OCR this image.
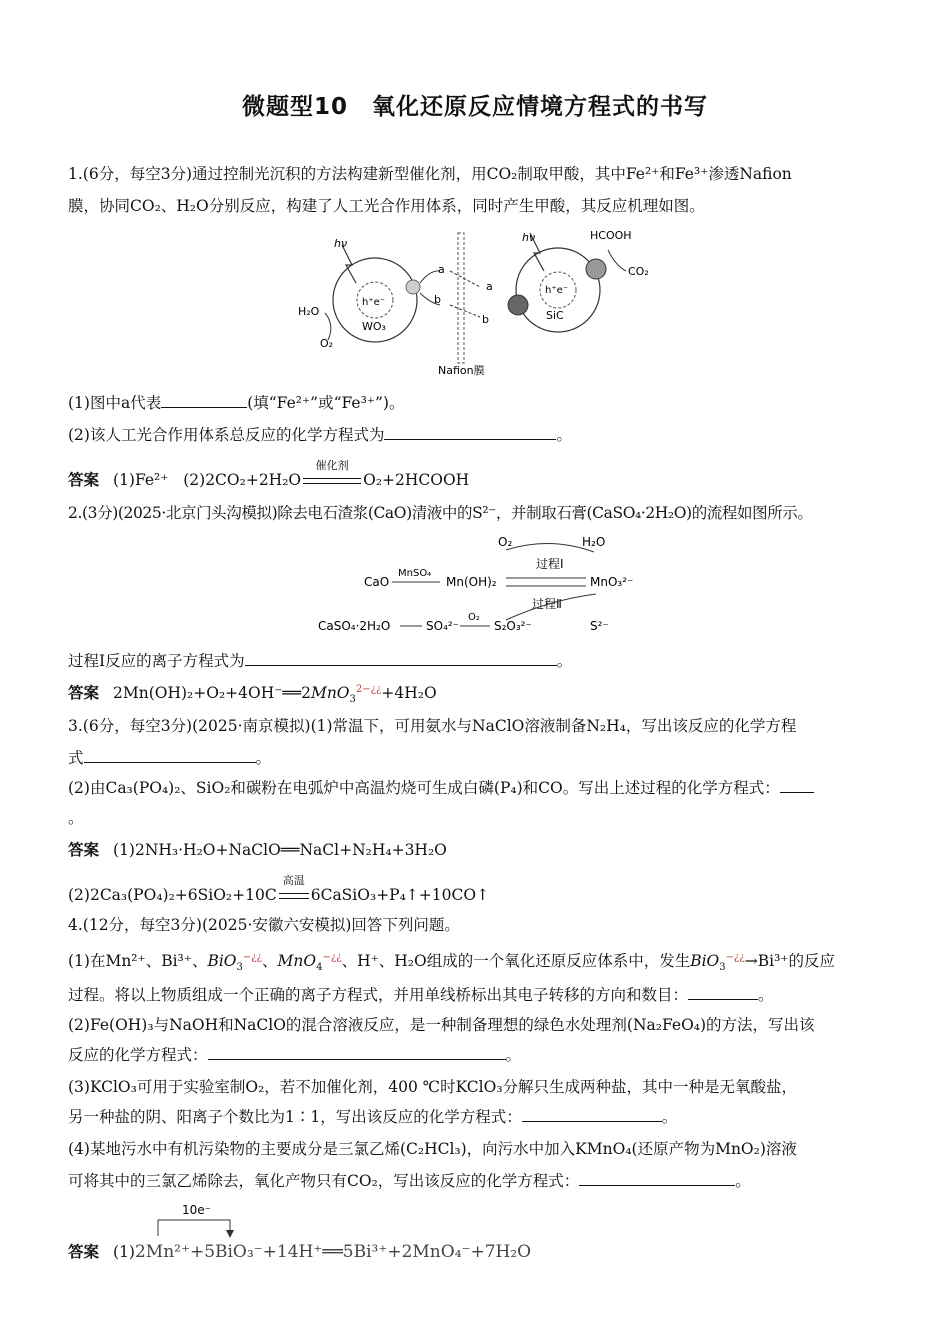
微题型10　氧化还原反应情境方程式的书写
1.(6分，每空3分)通过控制光沉积的方法构建新型催化剂，用CO₂制取甲酸，其中Fe²⁺和Fe³⁺渗透Nafion
膜，协同CO₂、H₂O分别反应，构建了人工光合作用体系，同时产生甲酸，其反应机理如图。
hν
h⁺e⁻
WO₃
H₂O
O₂
a
b
Nafion膜
a
b
hν
h⁺e⁻
SiC
HCOOH
CO₂
(1)图中a代表	(填“Fe²⁺”或“Fe³⁺”)。
(2)该人工光合作用体系总反应的化学方程式为	。
答案 (1)Fe²⁺ (2)2CO₂+2H₂O
催化剂
O₂+2HCOOH
2.(3分)(2025·北京门头沟模拟)除去电石渣浆(CaO)清液中的S²⁻，并制取石膏(CaSO₄·2H₂O)的流程如图所示。
O₂	H₂O
过程Ⅰ
CaO
MnSO₄
Mn(OH)₂	MnO₃²⁻
过程Ⅱ
S²⁻
S₂O₃²⁻
O₂
SO₄²⁻
CaSO₄·2H₂O
过程Ⅰ反应的离子方程式为	。
答案 2Mn(OH)₂+O₂+4OH⁻══2MnO$_3^{2-¿¿}$+4H₂O
3.(6分，每空3分)(2025·南京模拟)(1)常温下，可用氨水与NaClO溶液制备N₂H₄，写出该反应的化学方程
式	。
(2)由Ca₃(PO₄)₂、SiO₂和碳粉在电弧炉中高温灼烧可生成白磷(P₄)和CO。写出上述过程的化学方程式：
。
答案 (1)2NH₃·H₂O+NaClO══NaCl+N₂H₄+3H₂O
(2)2Ca₃(PO₄)₂+6SiO₂+10C
高温
6CaSiO₃+P₄↑+10CO↑
4.(12分，每空3分)(2025·安徽六安模拟)回答下列问题。
(1)在Mn²⁺、Bi³⁺、BiO$_3$−¿¿、MnO$_4$−¿¿、H⁺、H₂O组成的一个氧化还原反应体系中，发生BiO$_3$−¿¿→Bi³⁺的反应
过程。将以上物质组成一个正确的离子方程式，并用单线桥标出其电子转移的方向和数目：	。
(2)Fe(OH)₃与NaOH和NaClO的混合溶液反应，是一种制备理想的绿色水处理剂(Na₂FeO₄)的方法，写出该
反应的化学方程式：	。
(3)KClO₃可用于实验室制O₂，若不加催化剂，400 ℃时KClO₃分解只生成两种盐，其中一种是无氧酸盐，
另一种盐的阴、阳离子个数比为1∶1，写出该反应的化学方程式：	。
(4)某地污水中有机污染物的主要成分是三氯乙烯(C₂HCl₃)，向污水中加入KMnO₄(还原产物为MnO₂)溶液
可将其中的三氯乙烯除去，氧化产物只有CO₂，写出该反应的化学方程式：	。
10e⁻
答案 (1)2Mn²⁺+5BiO₃⁻+14H⁺══5Bi³⁺+2MnO₄⁻+7H₂O
